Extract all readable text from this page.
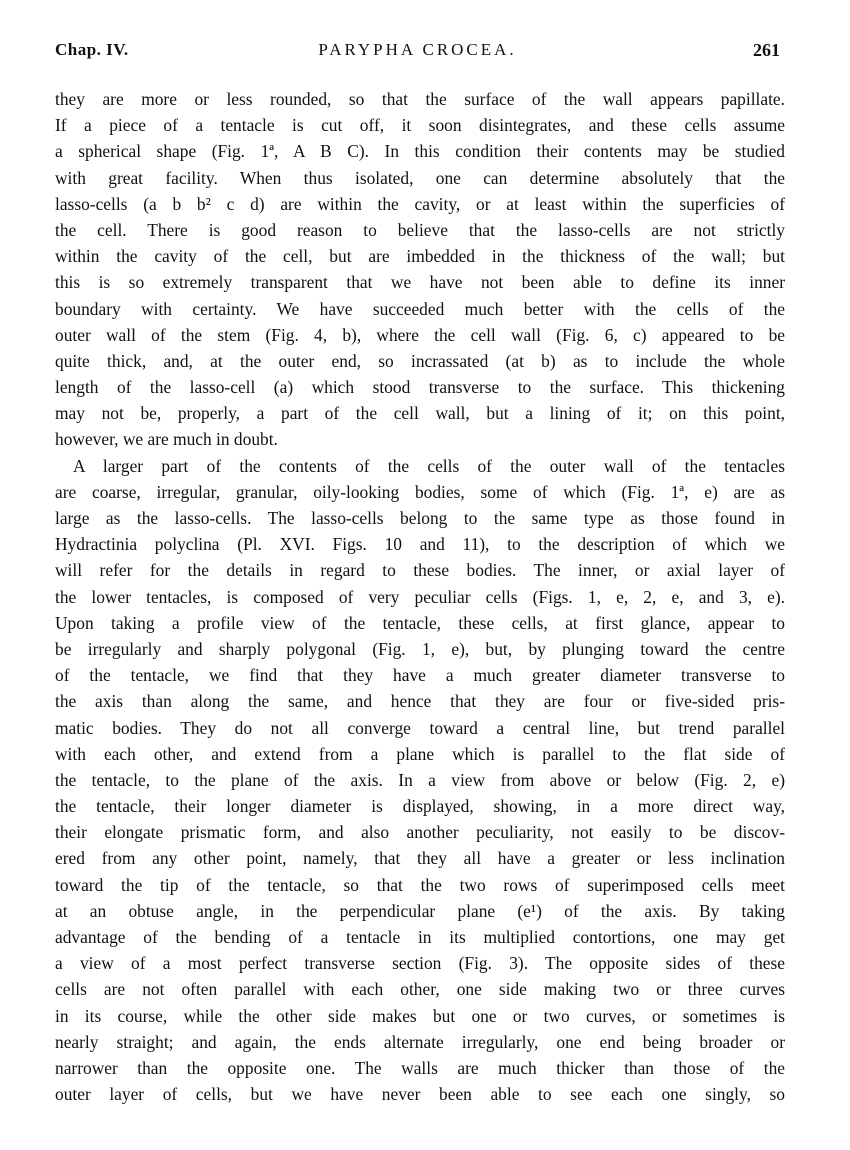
Chap. IV.	PARYPHA CROCEA.	261
they are more or less rounded, so that the surface of the wall appears papillate.
If a piece of a tentacle is cut off, it soon disintegrates, and these cells assume
a spherical shape (Fig. 1ª, A B C). In this condition their contents may be studied
with great facility. When thus isolated, one can determine absolutely that the
lasso-cells (a b b² c d) are within the cavity, or at least within the superficies of
the cell. There is good reason to believe that the lasso-cells are not strictly
within the cavity of the cell, but are imbedded in the thickness of the wall; but
this is so extremely transparent that we have not been able to define its inner
boundary with certainty. We have succeeded much better with the cells of the
outer wall of the stem (Fig. 4, b), where the cell wall (Fig. 6, c) appeared to be
quite thick, and, at the outer end, so incrassated (at b) as to include the whole
length of the lasso-cell (a) which stood transverse to the surface. This thickening
may not be, properly, a part of the cell wall, but a lining of it; on this point,
however, we are much in doubt.
A larger part of the contents of the cells of the outer wall of the tentacles
are coarse, irregular, granular, oily-looking bodies, some of which (Fig. 1ª, e) are as
large as the lasso-cells. The lasso-cells belong to the same type as those found in
Hydractinia polyclina (Pl. XVI. Figs. 10 and 11), to the description of which we
will refer for the details in regard to these bodies. The inner, or axial layer of
the lower tentacles, is composed of very peculiar cells (Figs. 1, e, 2, e, and 3, e).
Upon taking a profile view of the tentacle, these cells, at first glance, appear to
be irregularly and sharply polygonal (Fig. 1, e), but, by plunging toward the centre
of the tentacle, we find that they have a much greater diameter transverse to
the axis than along the same, and hence that they are four or five-sided pris-
matic bodies. They do not all converge toward a central line, but trend parallel
with each other, and extend from a plane which is parallel to the flat side of
the tentacle, to the plane of the axis. In a view from above or below (Fig. 2, e)
the tentacle, their longer diameter is displayed, showing, in a more direct way,
their elongate prismatic form, and also another peculiarity, not easily to be discov-
ered from any other point, namely, that they all have a greater or less inclination
toward the tip of the tentacle, so that the two rows of superimposed cells meet
at an obtuse angle, in the perpendicular plane (e¹) of the axis. By taking
advantage of the bending of a tentacle in its multiplied contortions, one may get
a view of a most perfect transverse section (Fig. 3). The opposite sides of these
cells are not often parallel with each other, one side making two or three curves
in its course, while the other side makes but one or two curves, or sometimes is
nearly straight; and again, the ends alternate irregularly, one end being broader or
narrower than the opposite one. The walls are much thicker than those of the
outer layer of cells, but we have never been able to see each one singly, so
